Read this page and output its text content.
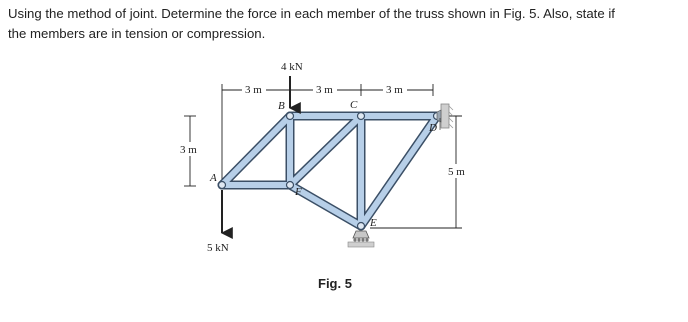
Using the method of joint. Determine the force in each member of the truss shown in Fig. 5. Also, state if

the members are in tension or compression.

3 m	3 m	3 m
3 m
5 m
4 kN
5 kN
A
B	C
D
E
F
Fig. 5
